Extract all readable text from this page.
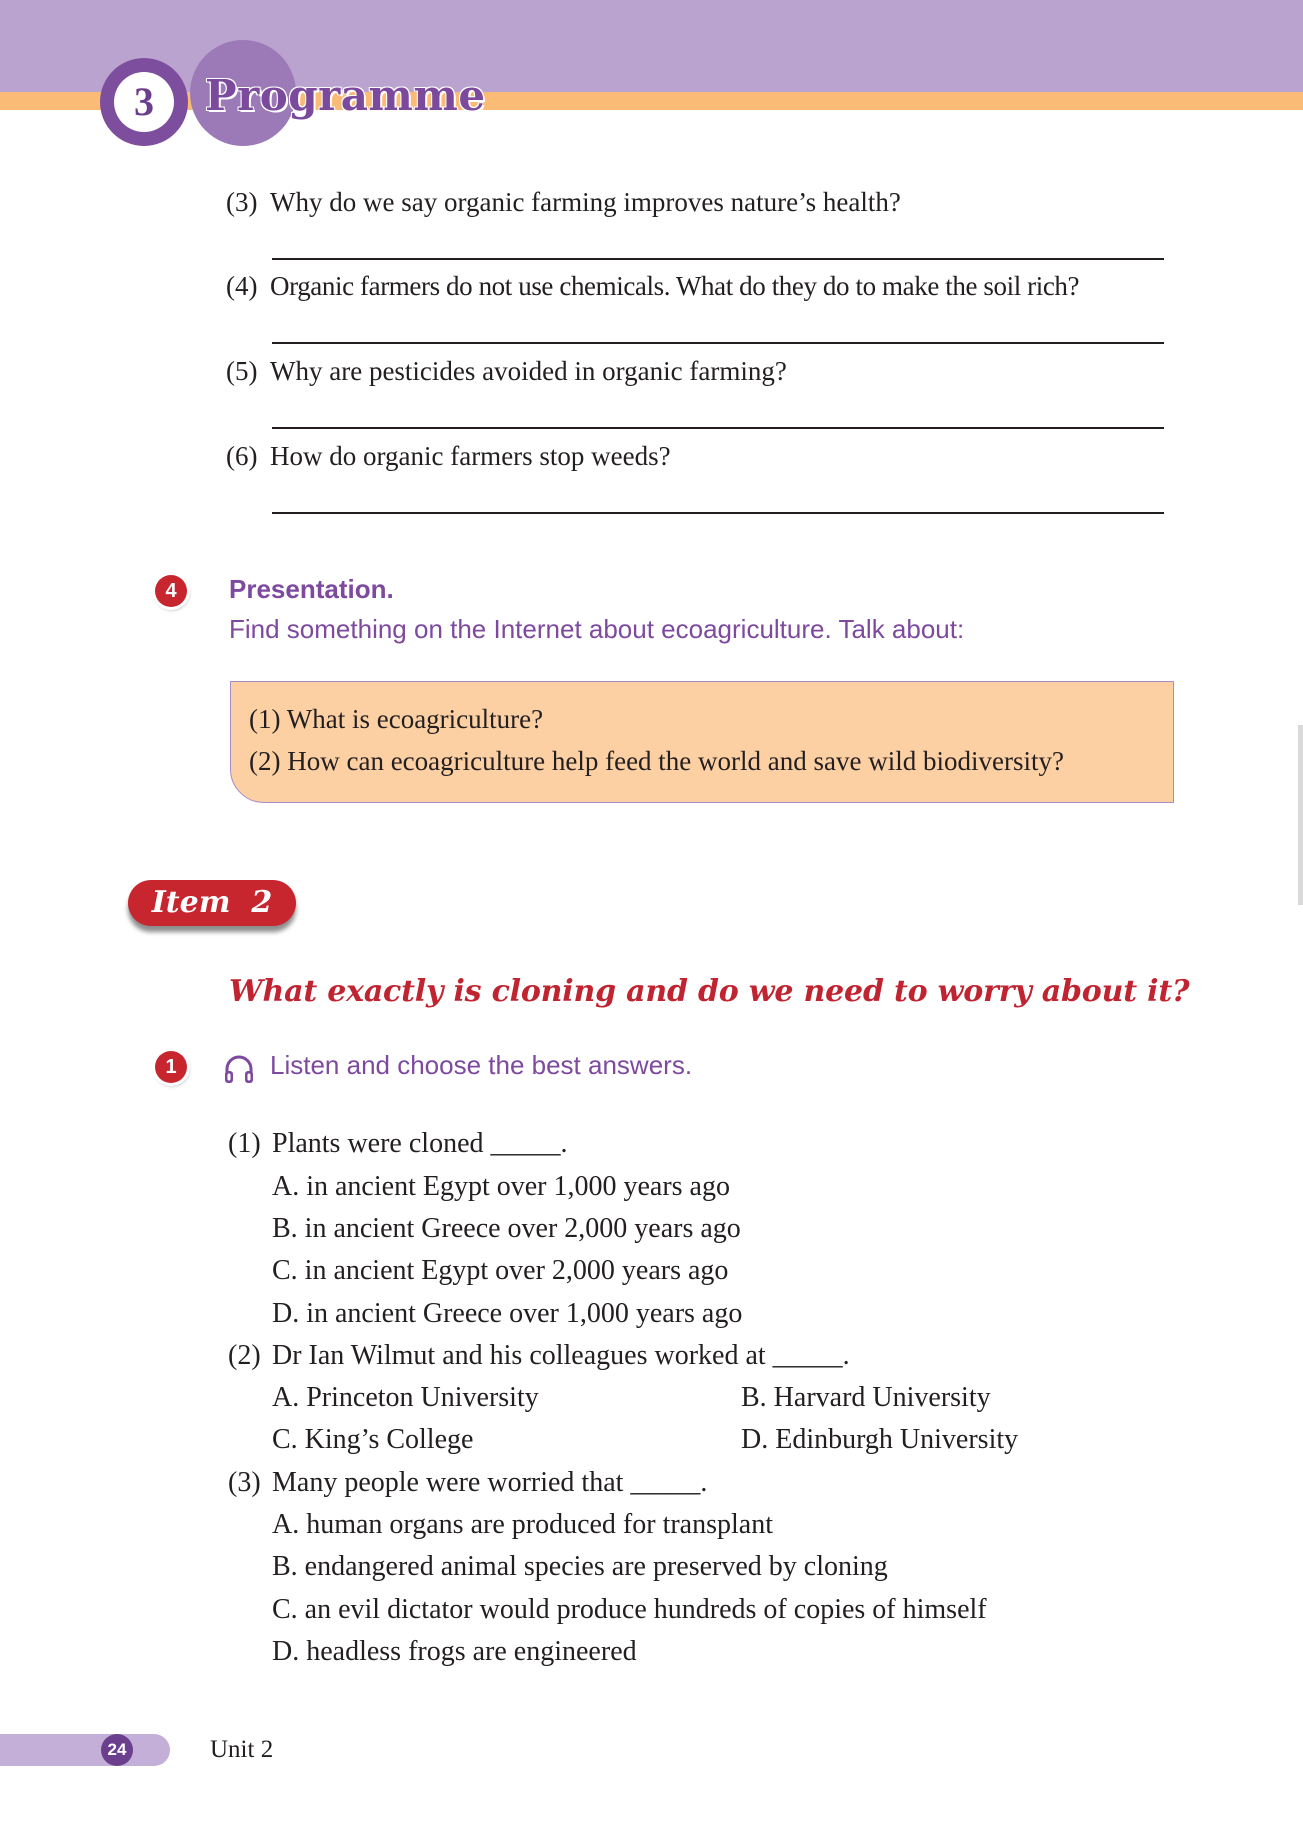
3	Programme
(3) Why do we say organic farming improves nature’s health?
(4) Organic farmers do not use chemicals. What do they do to make the soil rich?
(5) Why are pesticides avoided in organic farming?
(6) How do organic farmers stop weeds?
4	Presentation.
Find something on the Internet about ecoagriculture. Talk about:
(1) What is ecoagriculture?
(2) How can ecoagriculture help feed the world and save wild biodiversity?
Item  2
What exactly is cloning and do we need to worry about it?
1	Listen and choose the best answers.
(1) Plants were cloned _____.
A. in ancient Egypt over 1,000 years ago
B. in ancient Greece over 2,000 years ago
C. in ancient Egypt over 2,000 years ago
D. in ancient Greece over 1,000 years ago
(2) Dr Ian Wilmut and his colleagues worked at _____.
A. Princeton University	B. Harvard University
C. King’s College	D. Edinburgh University
(3) Many people were worried that _____.
A. human organs are produced for transplant
B. endangered animal species are preserved by cloning
C. an evil dictator would produce hundreds of copies of himself
D. headless frogs are engineered
24	Unit 2
